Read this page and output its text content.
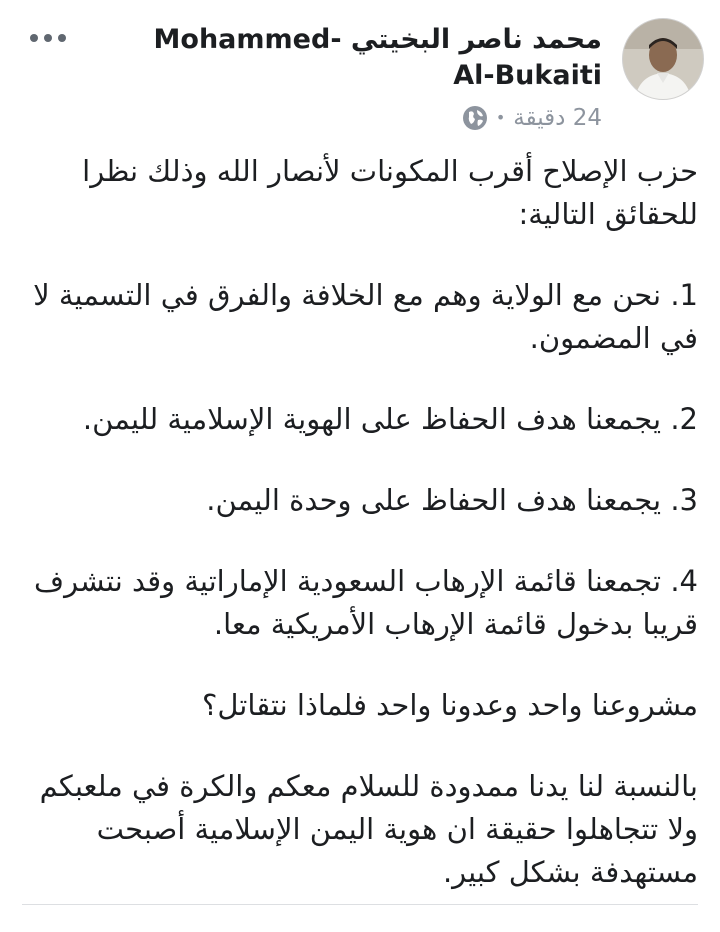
محمد ناصر البخيتي -Mohammed Al-Bukaiti
24 دقيقة
•

حزب الإصلاح أقرب المكونات لأنصار الله وذلك نظرا للحقائق التالية:

1. نحن مع الولاية وهم مع الخلافة والفرق في التسمية لا في المضمون.

2. يجمعنا هدف الحفاظ على الهوية الإسلامية لليمن.

3. يجمعنا هدف الحفاظ على وحدة اليمن.

4. تجمعنا قائمة الإرهاب السعودية الإماراتية وقد نتشرف قريبا بدخول قائمة الإرهاب الأمريكية معا.

مشروعنا واحد وعدونا واحد فلماذا نتقاتل؟

بالنسبة لنا يدنا ممدودة للسلام معكم والكرة في ملعبكم ولا تتجاهلوا حقيقة ان هوية اليمن الإسلامية أصبحت مستهدفة بشكل كبير.
